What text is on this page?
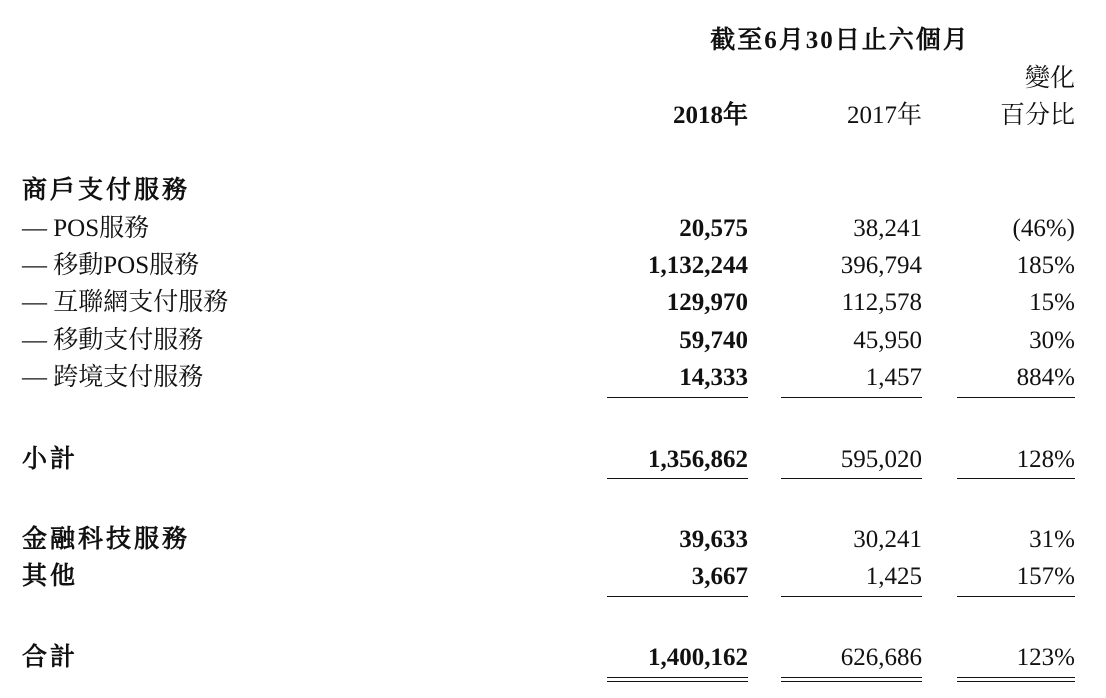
截至6月30日止六個月
變化
2018年	2017年	百分比
商戶支付服務
— POS服務	20,575	38,241	(46%)
— 移動POS服務	1,132,244	396,794	185%
— 互聯網支付服務	129,970	112,578	15%
— 移動支付服務	59,740	45,950	30%
— 跨境支付服務	14,333	1,457	884%
小計	1,356,862	595,020	128%
金融科技服務	39,633	30,241	31%
其他	3,667	1,425	157%
合計	1,400,162	626,686	123%
